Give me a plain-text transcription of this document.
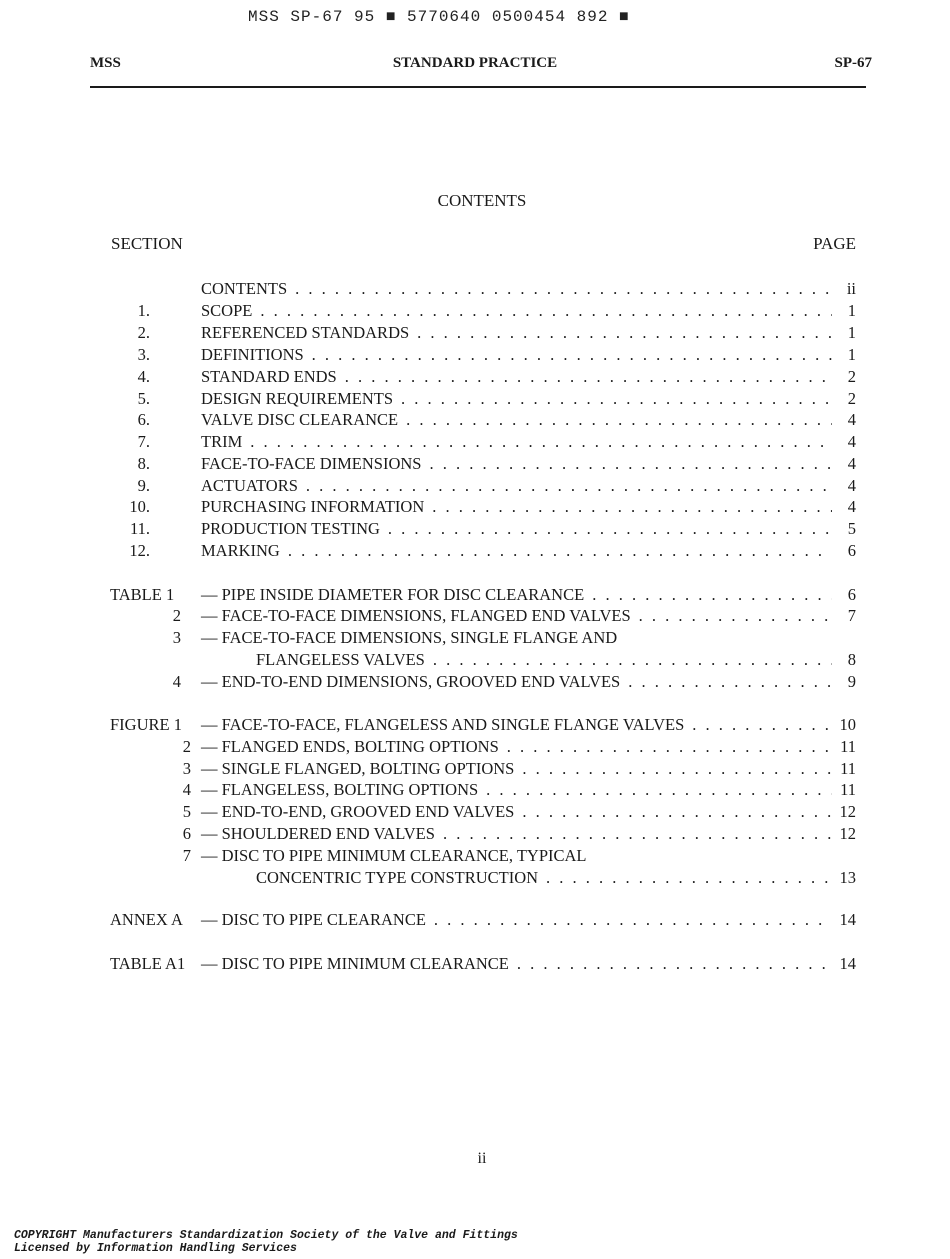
MSS SP-67 95 ■ 5770640 0500454 892 ■
MSS	STANDARD PRACTICE	SP-67
CONTENTS
SECTION	PAGE
CONTENTS . . .	ii
1.	SCOPE . . .	1
2.	REFERENCED STANDARDS . . .	1
3.	DEFINITIONS . . .	1
4.	STANDARD ENDS . . .	2
5.	DESIGN REQUIREMENTS . . .	2
6.	VALVE DISC CLEARANCE . . .	4
7.	TRIM . . .	4
8.	FACE-TO-FACE DIMENSIONS . . .	4
9.	ACTUATORS . . .	4
10.	PURCHASING INFORMATION . . .	4
11.	PRODUCTION TESTING . . .	5
12.	MARKING . . .	6
TABLE 1 — PIPE INSIDE DIAMETER FOR DISC CLEARANCE . . .	6
2 — FACE-TO-FACE DIMENSIONS, FLANGED END VALVES . . .	7
3 — FACE-TO-FACE DIMENSIONS, SINGLE FLANGE AND
FLANGELESS VALVES . . .	8
4 — END-TO-END DIMENSIONS, GROOVED END VALVES . . .	9
FIGURE 1 — FACE-TO-FACE, FLANGELESS AND SINGLE FLANGE VALVES . . .	10
2 — FLANGED ENDS, BOLTING OPTIONS . . .	11
3 — SINGLE FLANGED, BOLTING OPTIONS . . .	11
4 — FLANGELESS, BOLTING OPTIONS . . .	11
5 — END-TO-END, GROOVED END VALVES . . .	12
6 — SHOULDERED END VALVES . . .	12
7 — DISC TO PIPE MINIMUM CLEARANCE, TYPICAL
CONCENTRIC TYPE CONSTRUCTION . . .	13
ANNEX A — DISC TO PIPE CLEARANCE . . .	14
TABLE A1 — DISC TO PIPE MINIMUM CLEARANCE . . .	14
ii
COPYRIGHT Manufacturers Standardization Society of the Valve and Fittings
Licensed by Information Handling Services
